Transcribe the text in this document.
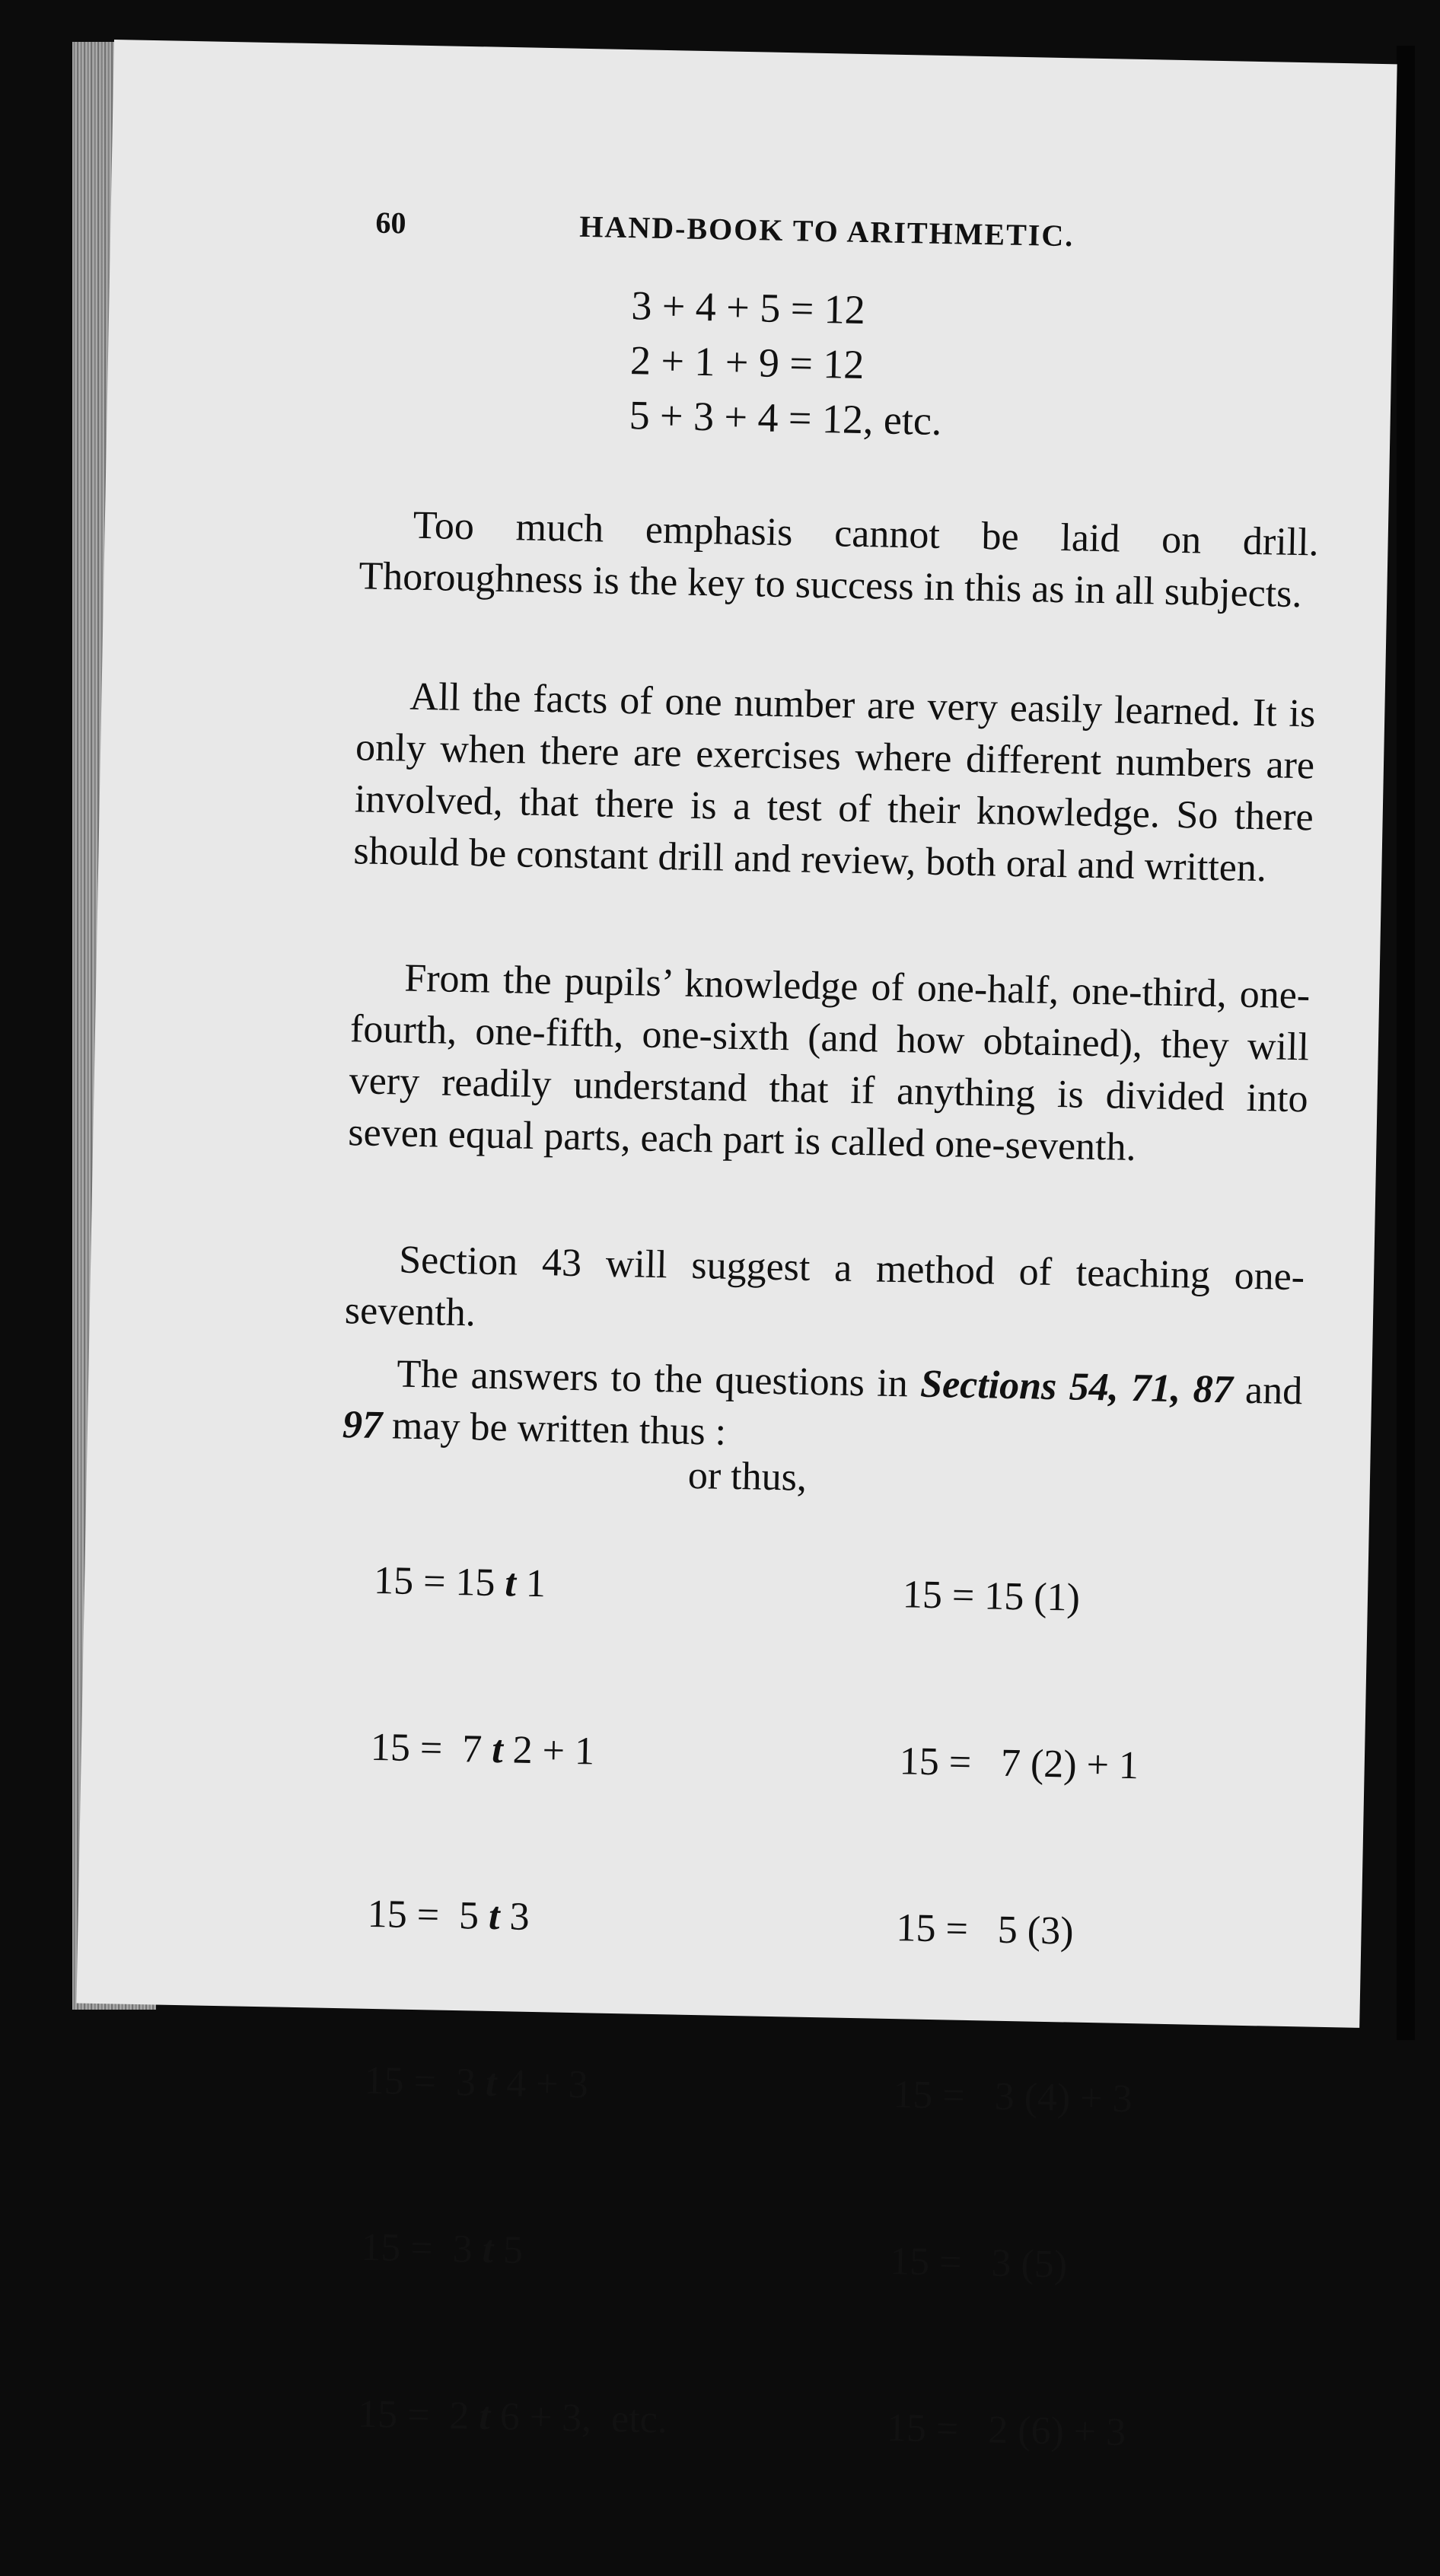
60	HAND-BOOK TO ARITHMETIC.
3 + 4 + 5 = 12
2 + 1 + 9 = 12
5 + 3 + 4 = 12, etc.

Too much emphasis cannot be laid on drill. Thoroughness is the key to success in this as in all subjects.

All the facts of one number are very easily learned. It is only when there are exercises where different numbers are involved, that there is a test of their knowledge. So there should be constant drill and review, both oral and written.

From the pupils’ knowledge of one-half, one-third, one-fourth, one-fifth, one-sixth (and how obtained), they will very readily understand that if anything is divided into seven equal parts, each part is called one-seventh.

Section 43 will suggest a method of teaching one-seventh.

The answers to the questions in Sections 54, 71, 87 and 97 may be written thus :

15 = 15 t 1

15 =  7 t 2 + 1

15 =  5 t 3

15 =  3 t 4 + 3

15 =  3 t 5

15 =  2 t 6 + 3,  etc.

or thus,

15 = 15 (1)

15 =   7 (2) + 1

15 =   5 (3)

15 =   3 (4) + 3

15 =   3 (5)

15 =   2 (6) + 3
